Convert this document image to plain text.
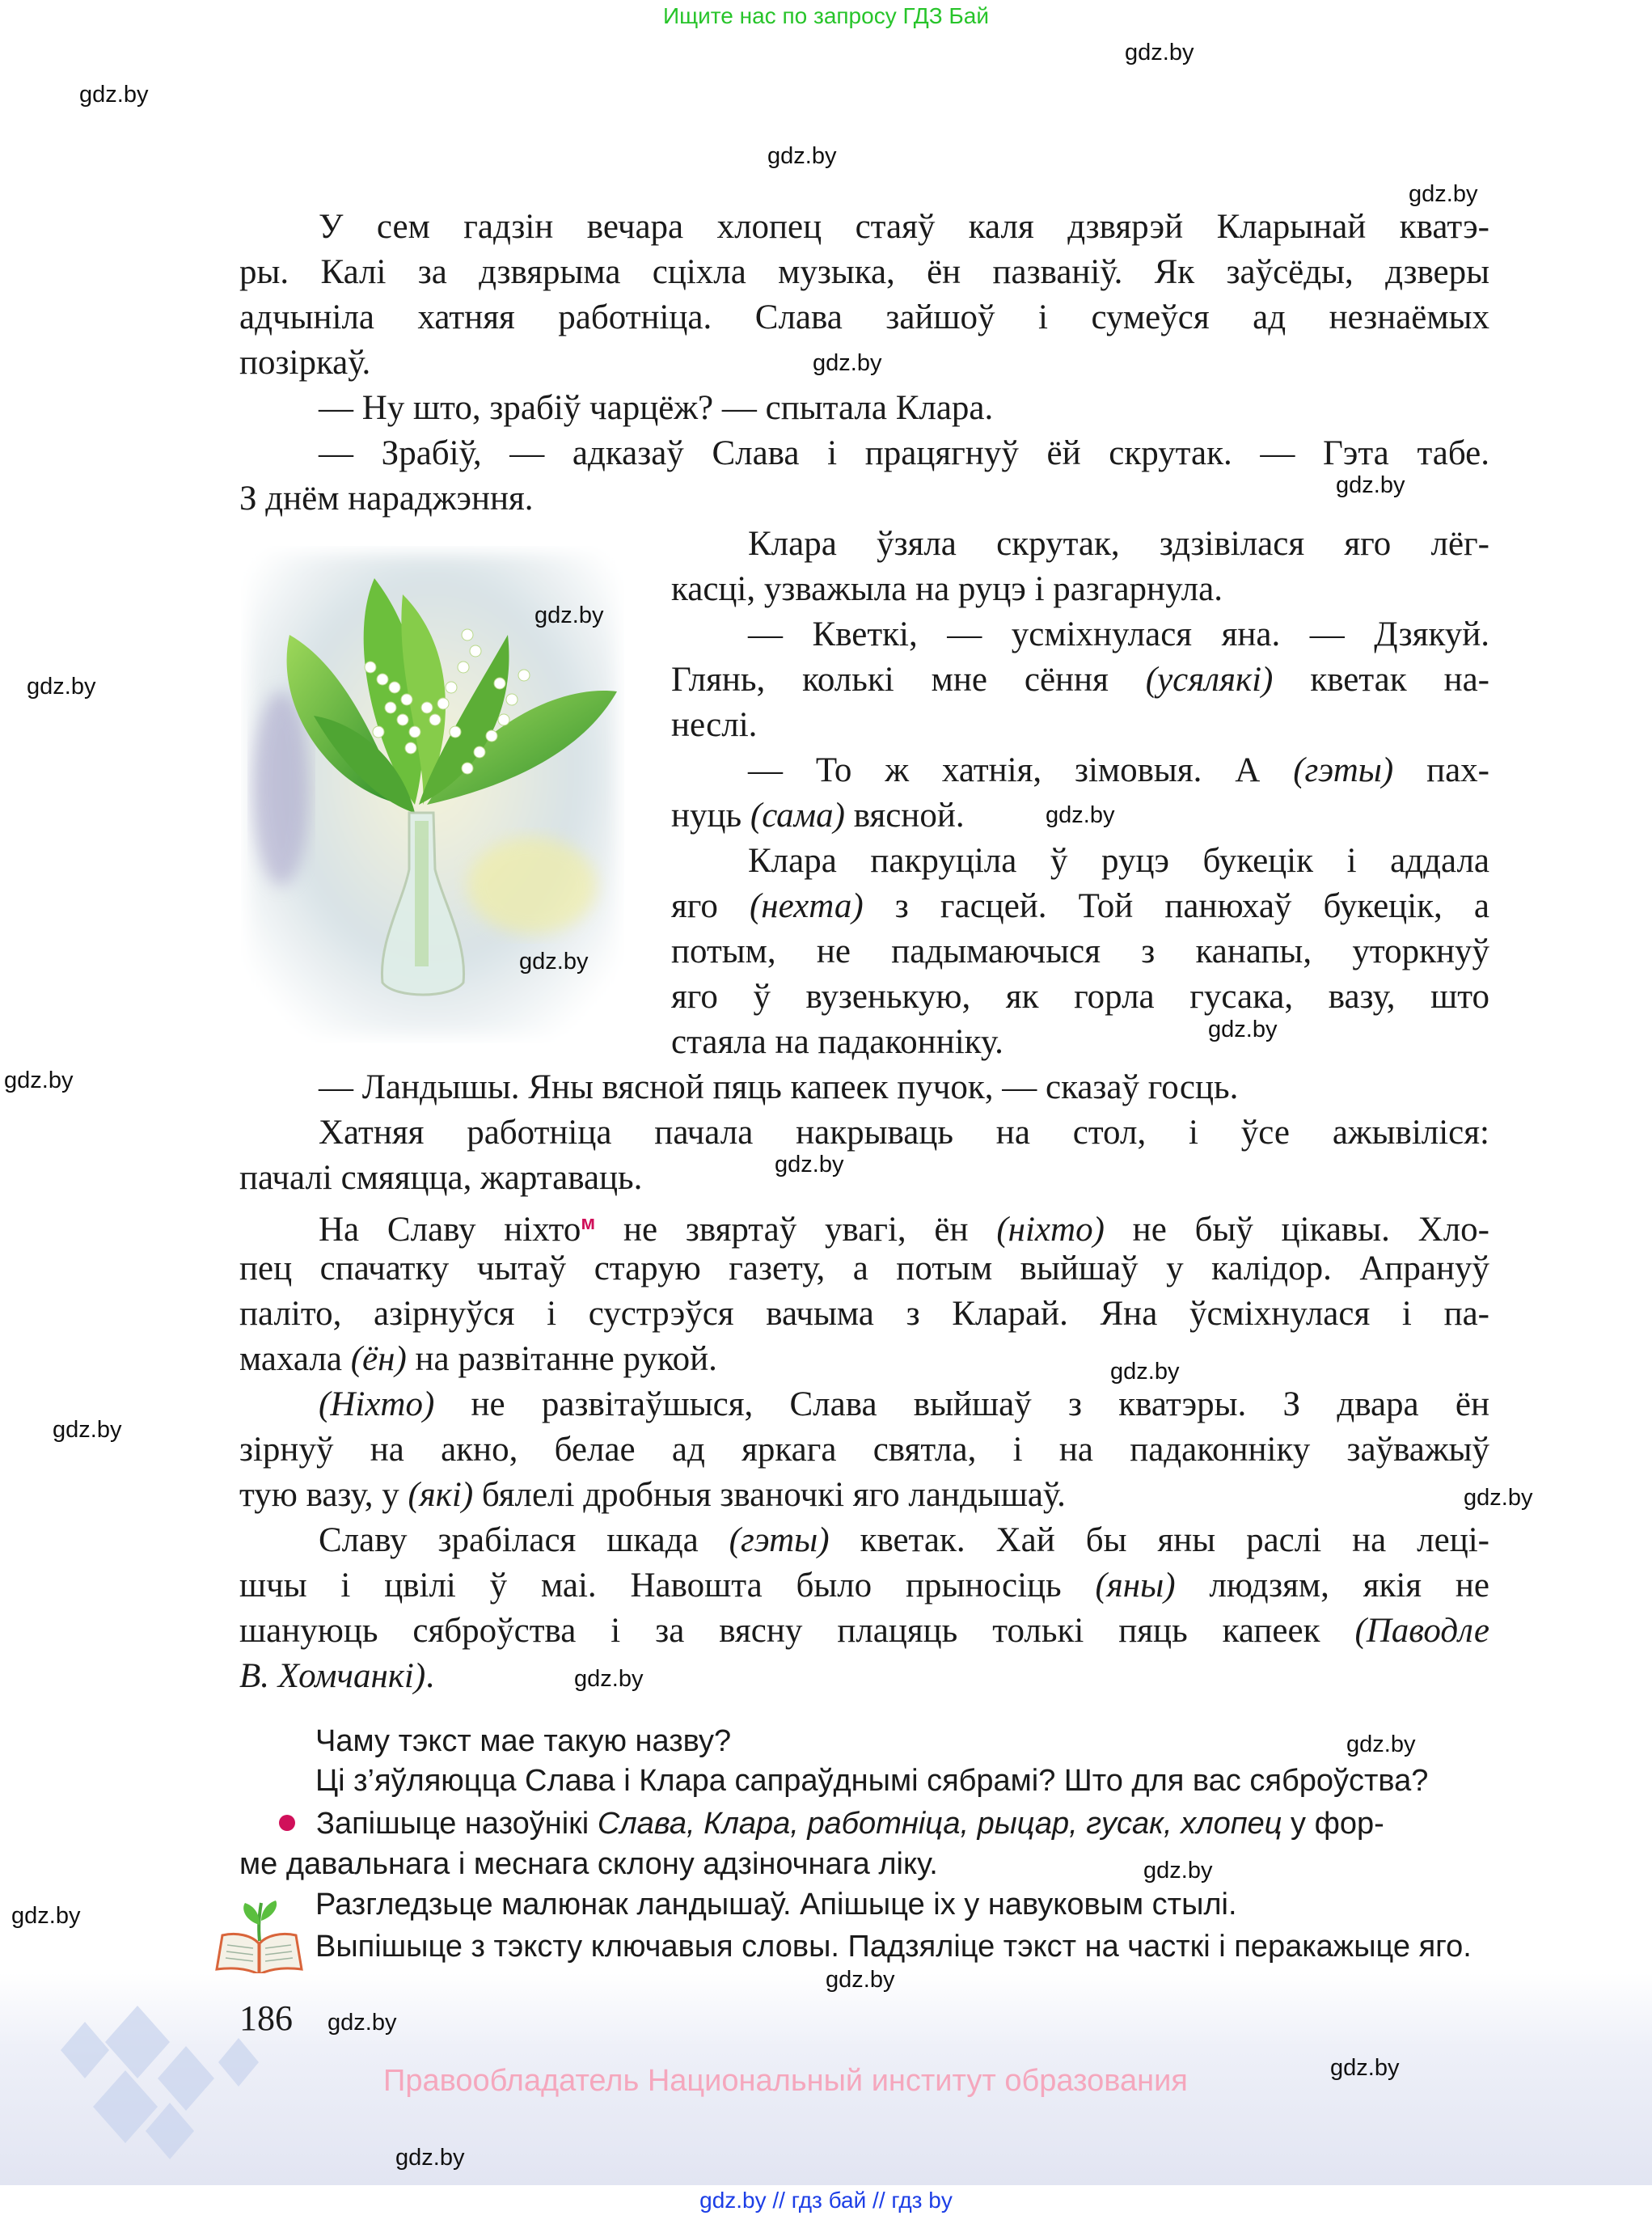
Ищите нас по запросу ГДЗ Бай
gdz.by
gdz.by
gdz.by
gdz.by
gdz.by
gdz.by
gdz.by
gdz.by
gdz.by
gdz.by
gdz.by
gdz.by
gdz.by
gdz.by
gdz.by
gdz.by
gdz.by
gdz.by
gdz.by
gdz.by
gdz.by
gdz.by
gdz.by
gdz.by
У сем гадзін вечара хлопец стаяў каля дзвярэй Кларынай кватэ-
ры. Калі за дзвярыма сціхла музыка, ён пазваніў. Як заўсёды, дзверы
адчыніла хатняя работніца. Слава зайшоў і сумеўся ад незнаёмых
позіркаў.
— Ну што, зрабіў чарцёж? — спытала Клара.
— Зрабіў, — адказаў Слава і працягнуў ёй скрутак. — Гэта табе.
З днём нараджэння.
Клара ўзяла скрутак, здзівілася яго лёг-
касці, узважыла на руцэ і разгарнула.
— Кветкі, — усміхнулася яна. — Дзякуй.
Глянь, колькі мне сёння (усялякі) кветак на-
неслі.
— То ж хатнія, зімовыя. А (гэты) пах-
нуць (сама) вясной.
Клара пакруціла ў руцэ букецік і аддала
яго (нехта) з гасцей. Той панюхаў букецік, а
потым, не падымаючыся з канапы, уторкнуў
яго ў вузенькую, як горла гусака, вазу, што
стаяла на падаконніку.
— Ландышы. Яны вясной пяць капеек пучок, — сказаў госць.
Хатняя работніца пачала накрываць на стол, і ўсе ажывіліся:
пачалі смяяцца, жартаваць.
На Славу ніхто$^м$ не звяртаў увагі, ён (ніхто) не быў цікавы. Хло-
пец спачатку чытаў старую газету, а потым выйшаў у калідор. Апрануў
паліто, азірнуўся і сустрэўся вачыма з Кларай. Яна ўсміхнулася і па-
махала (ён) на развітанне рукой.
(Ніхто) не развітаўшыся, Слава выйшаў з кватэры. З двара ён
зірнуў на акно, белае ад яркага святла, і на падаконніку заўважыў
тую вазу, у (які) бялелі дробныя званочкі яго ландышаў.
Славу зрабілася шкада (гэты) кветак. Хай бы яны раслі на лецi-
шчы і цвілі ў маі. Навошта было прыносіць (яны) людзям, якія не
шануюць сяброўства і за вясну плацяць толькі пяць капеек (Паводле
В. Хомчанкі).
Чаму тэкст мае такую назву?
Ці з’яўляюцца Слава і Клара сапраўднымі сябрамі? Што для вас сяброўства?
Запішыце назоўнікі Слава, Клара, работніца, рыцар, гусак, хлопец у фор-
ме давальнага і меснага склону адзіночнага ліку.
Разгледзьце малюнак ландышаў. Апішыце іх у навуковым стылі.
Выпішыце з тэксту ключавыя словы. Падзяліце тэкст на часткі і перакажыце яго.
186
Правообладатель Национальный институт образования
gdz.by // гдз бай // гдз by
